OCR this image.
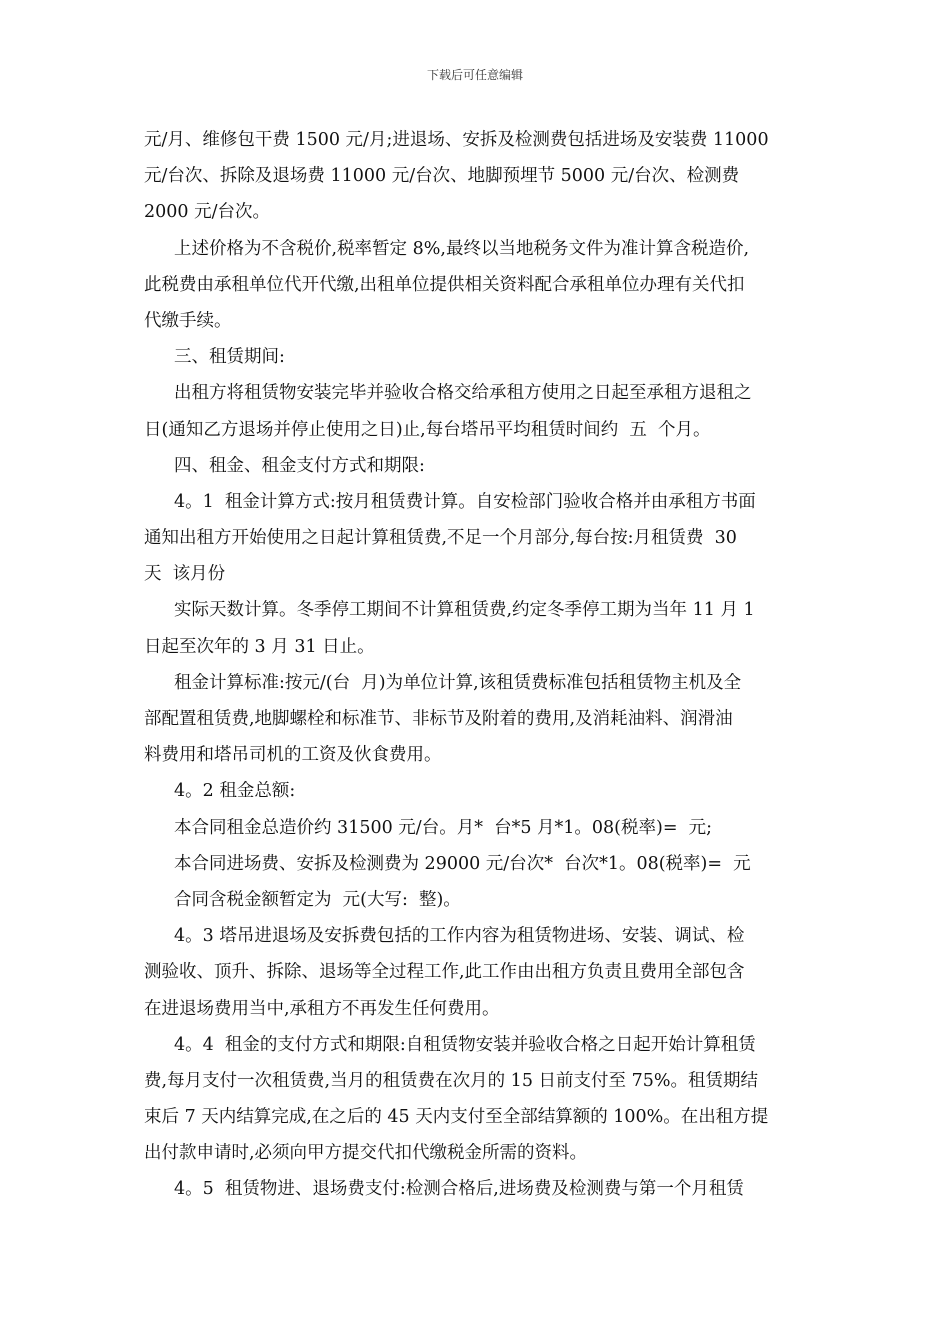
下载后可任意编辑
元/月、维修包干费 1500 元/月;进退场、安拆及检测费包括进场及安装费 11000
元/台次、拆除及退场费 11000 元/台次、地脚预埋节 5000 元/台次、检测费
2000 元/台次。
上述价格为不含税价,税率暂定 8%,最终以当地税务文件为准计算含税造价,
此税费由承租单位代开代缴,出租单位提供相关资料配合承租单位办理有关代扣
代缴手续。
三、租赁期间:
出租方将租赁物安装完毕并验收合格交给承租方使用之日起至承租方退租之
日(通知乙方退场并停止使用之日)止,每台塔吊平均租赁时间约  五  个月。
四、租金、租金支付方式和期限:
4。1  租金计算方式:按月租赁费计算。自安检部门验收合格并由承租方书面
通知出租方开始使用之日起计算租赁费,不足一个月部分,每台按:月租赁费  30
天  该月份
实际天数计算。冬季停工期间不计算租赁费,约定冬季停工期为当年 11 月 1
日起至次年的 3 月 31 日止。
租金计算标准:按元/(台  月)为单位计算,该租赁费标准包括租赁物主机及全
部配置租赁费,地脚螺栓和标准节、非标节及附着的费用,及消耗油料、润滑油
料费用和塔吊司机的工资及伙食费用。
4。2 租金总额:
本合同租金总造价约 31500 元/台。月*  台*5 月*1。08(税率)=  元;
本合同进场费、安拆及检测费为 29000 元/台次*  台次*1。08(税率)=  元
合同含税金额暂定为  元(大写:  整)。
4。3 塔吊进退场及安拆费包括的工作内容为租赁物进场、安装、调试、检
测验收、顶升、拆除、退场等全过程工作,此工作由出租方负责且费用全部包含
在进退场费用当中,承租方不再发生任何费用。
4。4  租金的支付方式和期限:自租赁物安装并验收合格之日起开始计算租赁
费,每月支付一次租赁费,当月的租赁费在次月的 15 日前支付至 75%。租赁期结
束后 7 天内结算完成,在之后的 45 天内支付至全部结算额的 100%。在出租方提
出付款申请时,必须向甲方提交代扣代缴税金所需的资料。
4。5  租赁物进、退场费支付:检测合格后,进场费及检测费与第一个月租赁
